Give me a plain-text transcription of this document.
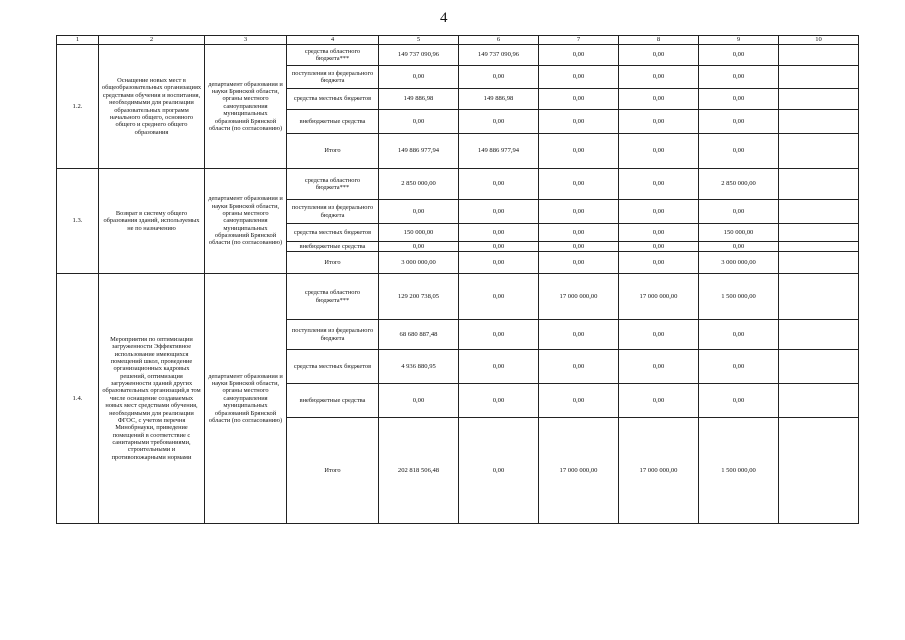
4
1	2	3	4	5	6	7	8	9	10
1.2.	Оснащение новых мест в общеобразовательных организациях средствами обучения и воспитания, необходимыми для реализации образовательных программ начального общего, основного общего и среднего общего образования	департамент образования и науки Брянской области, органы местного самоуправления муниципальных образований Брянской области (по согласованию)	средства областного бюджета***	149 737 090,96	149 737 090,96	0,00	0,00	0,00	
			поступления из федерального бюджета	0,00	0,00	0,00	0,00	0,00	
			средства местных бюджетов	149 886,98	149 886,98	0,00	0,00	0,00	
			внебюджетные средства	0,00	0,00	0,00	0,00	0,00	
			Итого	149 886 977,94	149 886 977,94	0,00	0,00	0,00	
1.3.	Возврат в систему общего образования зданий, используемых не по назначению	департамент образования и науки Брянской области, органы местного самоуправления муниципальных образований Брянской области (по согласованию)	средства областного бюджета***	2 850 000,00	0,00	0,00	0,00	2 850 000,00	
			поступления из федерального бюджета	0,00	0,00	0,00	0,00	0,00	
			средства местных бюджетов	150 000,00	0,00	0,00	0,00	150 000,00	
			внебюджетные средства	0,00	0,00	0,00	0,00	0,00	
			Итого	3 000 000,00	0,00	0,00	0,00	3 000 000,00	
1.4.	Мероприятия по оптимизации загруженности Эффективное использование имеющихся помещений школ, проведение организационных кадровых решений, оптимизация загруженности зданий других образовательных организаций,в том числе оснащение создаваемых новых мест средствами обучения, необходимыми для реализации ФГОС, с учетом перечня Минобрнауки, приведение помещений в соответствие с санитарными требованиями, строительными и противопожарными нормами	департамент образования и науки Брянской области, органы местного самоуправления муниципальных образований Брянской области (по согласованию)	средства областного бюджета***	129 200 738,05	0,00	17 000 000,00	17 000 000,00	1 500 000,00	
			поступления из федерального бюджета	68 680 887,48	0,00	0,00	0,00	0,00	
			средства местных бюджетов	4 936 880,95	0,00	0,00	0,00	0,00	
			внебюджетные средства	0,00	0,00	0,00	0,00	0,00	
			Итого	202 818 506,48	0,00	17 000 000,00	17 000 000,00	1 500 000,00	
